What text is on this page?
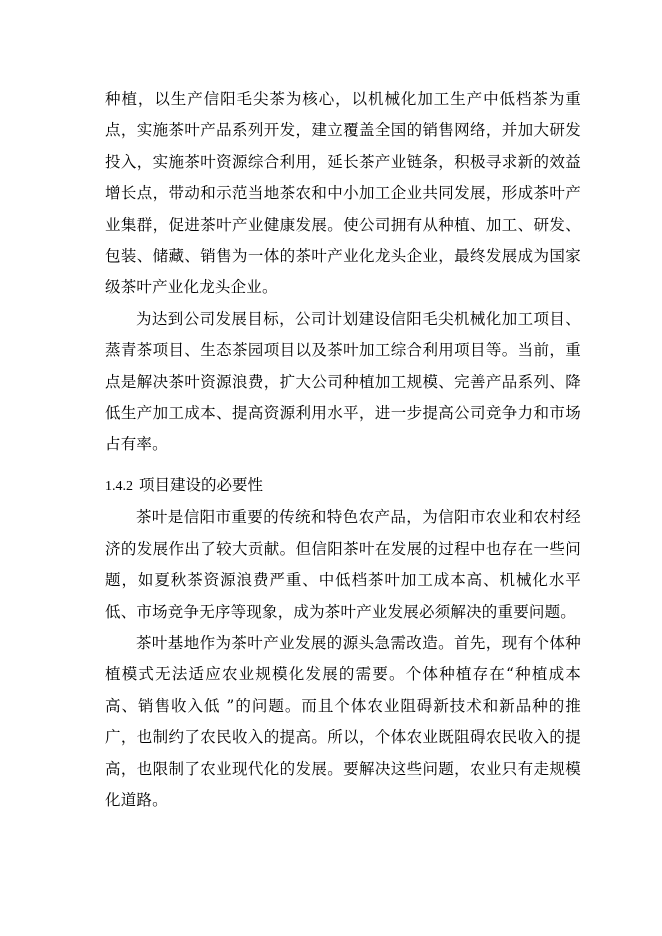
种植，以生产信阳毛尖茶为核心，以机械化加工生产中低档茶为重点，实施茶叶产品系列开发，建立覆盖全国的销售网络，并加大研发投入，实施茶叶资源综合利用，延长茶产业链条，积极寻求新的效益增长点，带动和示范当地茶农和中小加工企业共同发展，形成茶叶产业集群，促进茶叶产业健康发展。使公司拥有从种植、加工、研发、包装、储藏、销售为一体的茶叶产业化龙头企业，最终发展成为国家级茶叶产业化龙头企业。

为达到公司发展目标，公司计划建设信阳毛尖机械化加工项目、蒸青茶项目、生态茶园项目以及茶叶加工综合利用项目等。当前，重点是解决茶叶资源浪费，扩大公司种植加工规模、完善产品系列、降低生产加工成本、提高资源利用水平，进一步提高公司竞争力和市场占有率。

1.4.2 项目建设的必要性

茶叶是信阳市重要的传统和特色农产品，为信阳市农业和农村经济的发展作出了较大贡献。但信阳茶叶在发展的过程中也存在一些问题，如夏秋茶资源浪费严重、中低档茶叶加工成本高、机械化水平低、市场竞争无序等现象，成为茶叶产业发展必须解决的重要问题。

茶叶基地作为茶叶产业发展的源头急需改造。首先，现有个体种植模式无法适应农业规模化发展的需要。个体种植存在“种植成本高、销售收入低 ”的问题。而且个体农业阻碍新技术和新品种的推广，也制约了农民收入的提高。所以，个体农业既阻碍农民收入的提高，也限制了农业现代化的发展。要解决这些问题，农业只有走规模化道路。
